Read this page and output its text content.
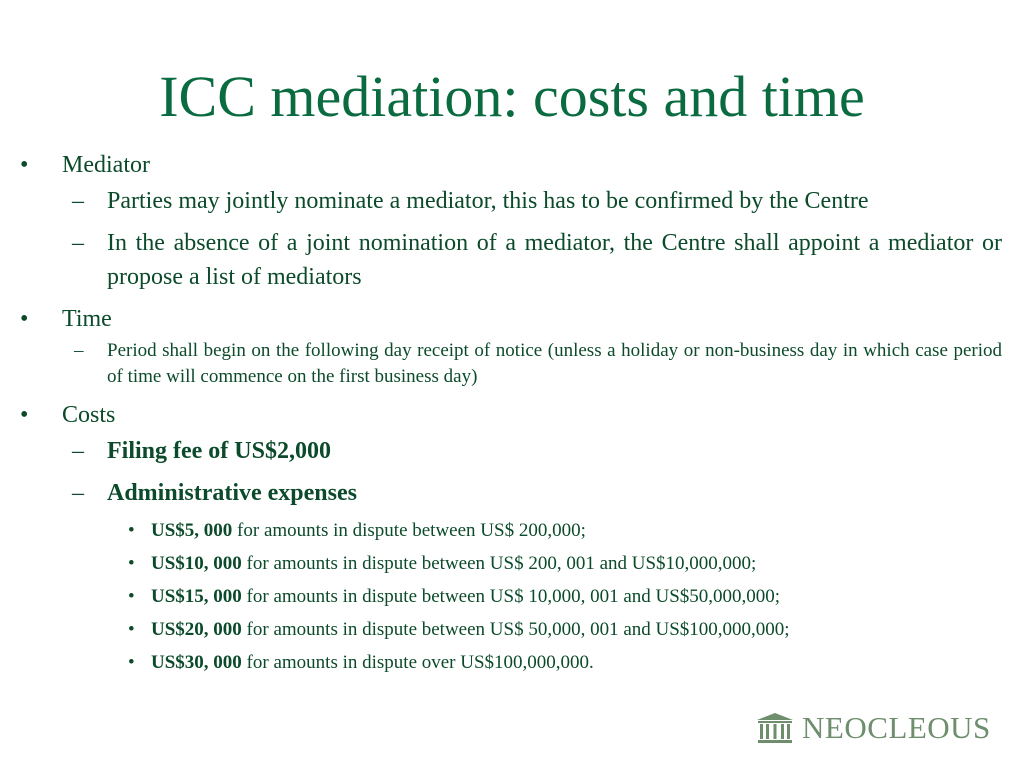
ICC mediation: costs and time
• Mediator
– Parties may jointly nominate a mediator, this has to be confirmed by the Centre
– In the absence of a joint nomination of a mediator, the Centre shall appoint a mediator or propose a list of mediators
• Time
– Period shall begin on the following day receipt of notice (unless a holiday or non-business day in which case period of time will commence on the first business day)
• Costs
– Filing fee of US$2,000
– Administrative expenses
• US$5, 000 for amounts in dispute between US$ 200,000;
• US$10, 000 for amounts in dispute between US$ 200, 001 and US$10,000,000;
• US$15, 000 for amounts in dispute between US$ 10,000, 001 and US$50,000,000;
• US$20, 000 for amounts in dispute between US$ 50,000, 001 and US$100,000,000;
• US$30, 000 for amounts in dispute over US$100,000,000.
NEOCLEOUS
